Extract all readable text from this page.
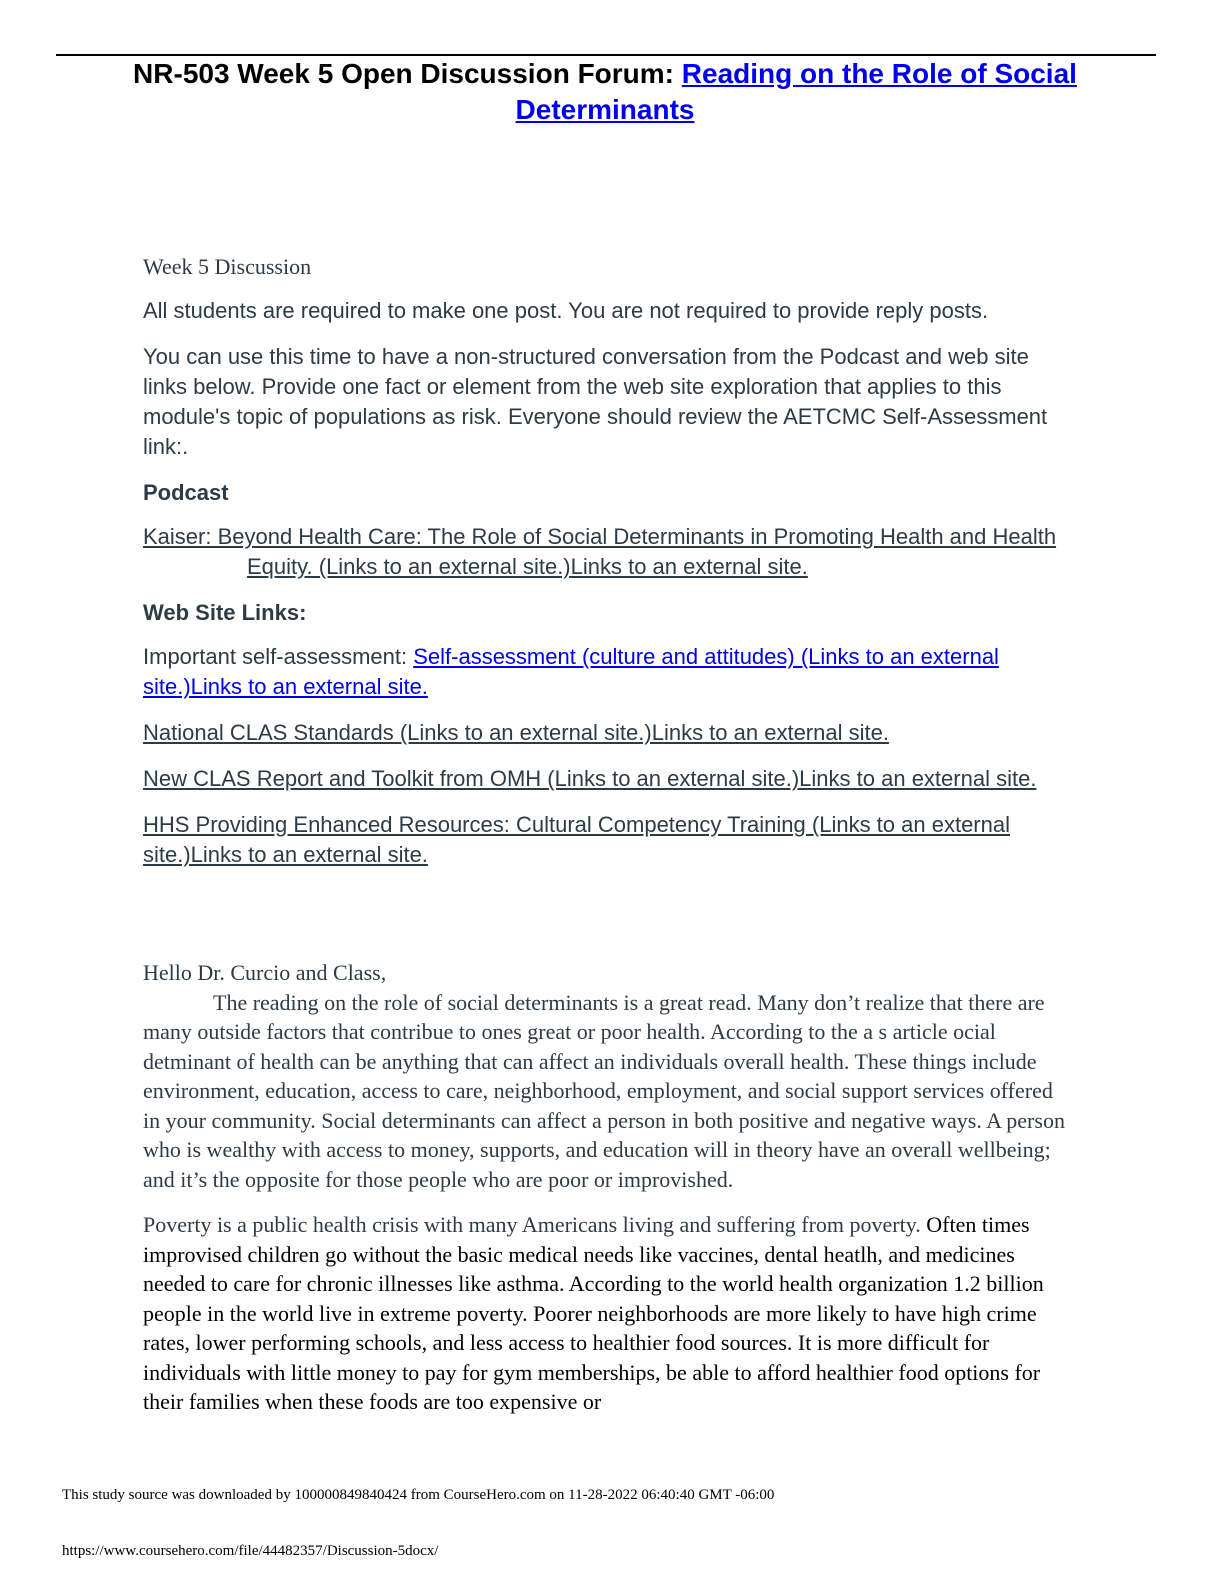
NR-503 Week 5 Open Discussion Forum: Reading on the Role of Social Determinants

Week 5 Discussion

All students are required to make one post. You are not required to provide reply posts.

You can use this time to have a non-structured conversation from the Podcast and web site links below. Provide one fact or element from the web site exploration that applies to this module's topic of populations as risk. Everyone should review the AETCMC Self-Assessment link:.

Podcast

Kaiser: Beyond Health Care: The Role of Social Determinants in Promoting Health and Health Equity. (Links to an external site.)Links to an external site.

Web Site Links:

Important self-assessment: Self-assessment (culture and attitudes) (Links to an external site.)Links to an external site.

National CLAS Standards (Links to an external site.)Links to an external site.

New CLAS Report and Toolkit from OMH (Links to an external site.)Links to an external site.

HHS Providing Enhanced Resources: Cultural Competency Training (Links to an external site.)Links to an external site.

Hello Dr. Curcio and Class,

The reading on the role of social determinants is a great read. Many don’t realize that there are many outside factors that contribue to ones great or poor health. According to the a s article ocial detminant of health can be anything that can affect an individuals overall health. These things include environment, education, access to care, neighborhood, employment, and social support services offered in your community. Social determinants can affect a person in both positive and negative ways. A person who is wealthy with access to money, supports, and education will in theory have an overall wellbeing; and it’s the opposite for those people who are poor or improvished.

Poverty is a public health crisis with many Americans living and suffering from poverty. Often times improvised children go without the basic medical needs like vaccines, dental heatlh, and medicines needed to care for chronic illnesses like asthma. According to the world health organization 1.2 billion people in the world live in extreme poverty. Poorer neighborhoods are more likely to have high crime rates, lower performing schools, and less access to healthier food sources. It is more difficult for individuals with little money to pay for gym memberships, be able to afford healthier food options for their families when these foods are too expensive or

This study source was downloaded by 100000849840424 from CourseHero.com on 11-28-2022 06:40:40 GMT -06:00
https://www.coursehero.com/file/44482357/Discussion-5docx/
